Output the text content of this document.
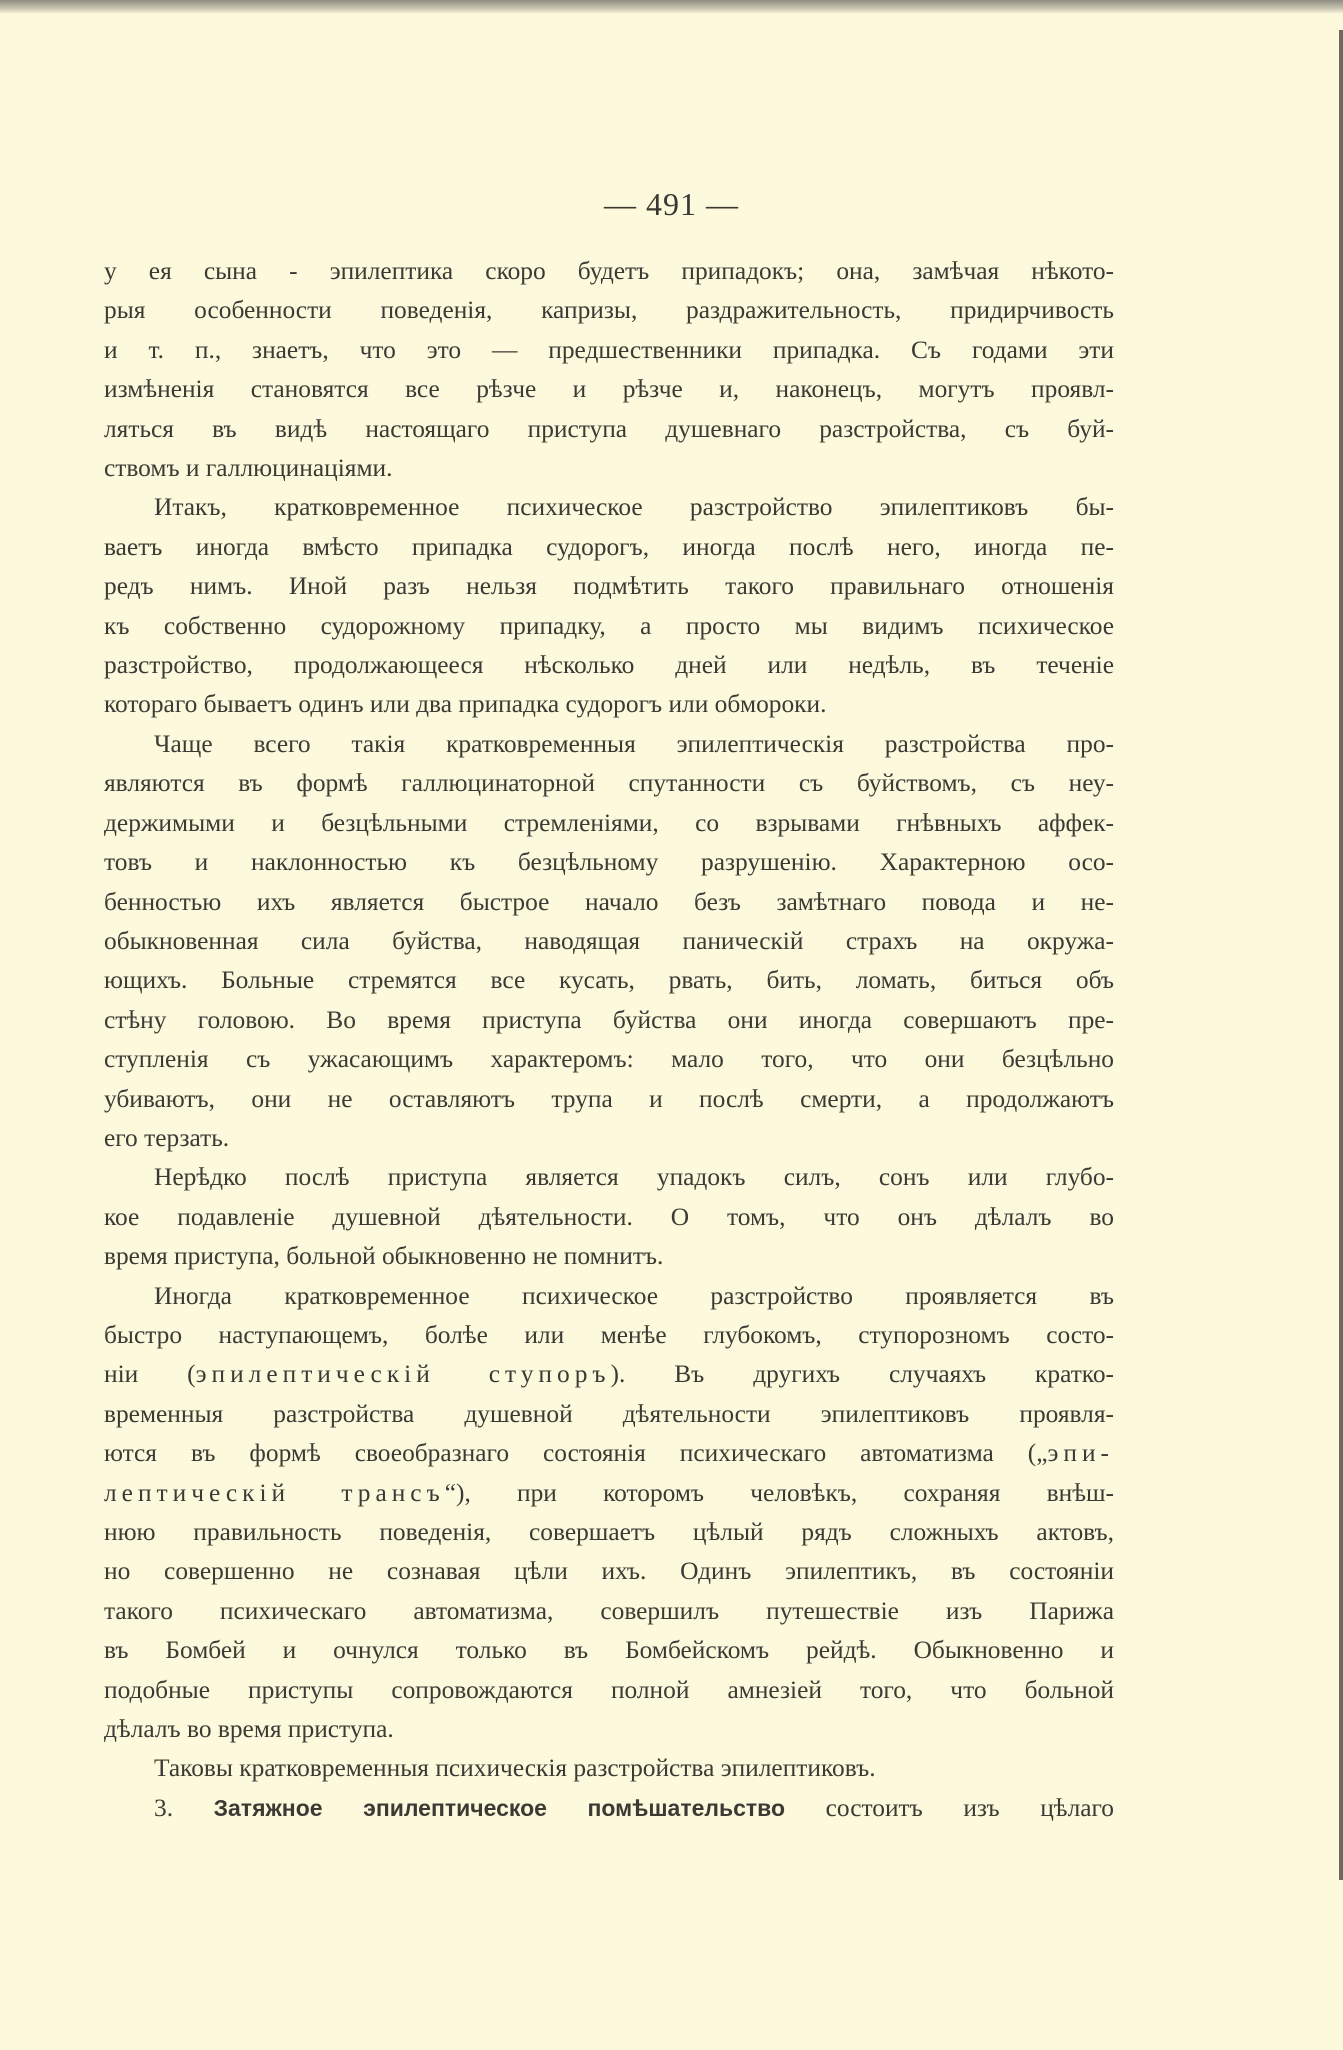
— 491 —
у ея сына - эпилептика скоро будетъ припадокъ; она, замѣчая нѣкото-
рыя особенности поведенія, капризы, раздражительность, придирчивость
и т. п., знаетъ, что это — предшественники припадка. Съ годами эти
измѣненія становятся все рѣзче и рѣзче и, наконецъ, могутъ проявл-
ляться въ видѣ настоящаго приступа душевнаго разстройства, съ буй-
ствомъ и галлюцинаціями.
Итакъ, кратковременное психическое разстройство эпилептиковъ бы-
ваетъ иногда вмѣсто припадка судорогъ, иногда послѣ него, иногда пе-
редъ нимъ. Иной разъ нельзя подмѣтить такого правильнаго отношенія
къ собственно судорожному припадку, а просто мы видимъ психическое
разстройство, продолжающееся нѣсколько дней или недѣль, въ теченіе
котораго бываетъ одинъ или два припадка судорогъ или обмороки.
Чаще всего такія кратковременныя эпилептическія разстройства про-
являются въ формѣ галлюцинаторной спутанности съ буйствомъ, съ неу-
держимыми и безцѣльными стремленіями, со взрывами гнѣвныхъ аффек-
товъ и наклонностью къ безцѣльному разрушенію. Характерною осо-
бенностью ихъ является быстрое начало безъ замѣтнаго повода и не-
обыкновенная сила буйства, наводящая паническій страхъ на окружа-
ющихъ. Больные стремятся все кусать, рвать, бить, ломать, биться объ
стѣну головою. Во время приступа буйства они иногда совершаютъ пре-
ступленія съ ужасающимъ характеромъ: мало того, что они безцѣльно
убиваютъ, они не оставляютъ трупа и послѣ смерти, а продолжаютъ
его терзать.
Нерѣдко послѣ приступа является упадокъ силъ, сонъ или глубо-
кое подавленіе душевной дѣятельности. О томъ, что онъ дѣлалъ во
время приступа, больной обыкновенно не помнитъ.
Иногда кратковременное психическое разстройство проявляется въ
быстро наступающемъ, болѣе или менѣе глубокомъ, ступорозномъ состо-
ніи (эпилептическій ступоръ). Въ другихъ случаяхъ кратко-
временныя разстройства душевной дѣятельности эпилептиковъ проявля-
ются въ формѣ своеобразнаго состоянія психическаго автоматизма („эпи-
лептическій трансъ“), при которомъ человѣкъ, сохраняя внѣш-
нюю правильность поведенія, совершаетъ цѣлый рядъ сложныхъ актовъ,
но совершенно не сознавая цѣли ихъ. Одинъ эпилептикъ, въ состояніи
такого психическаго автоматизма, совершилъ путешествіе изъ Парижа
въ Бомбей и очнулся только въ Бомбейскомъ рейдѣ. Обыкновенно и
подобные приступы сопровождаются полной амнезіей того, что больной
дѣлалъ во время приступа.
Таковы кратковременныя психическія разстройства эпилептиковъ.
3. Затяжное эпилептическое помѣшательство состоитъ изъ цѣлаго
